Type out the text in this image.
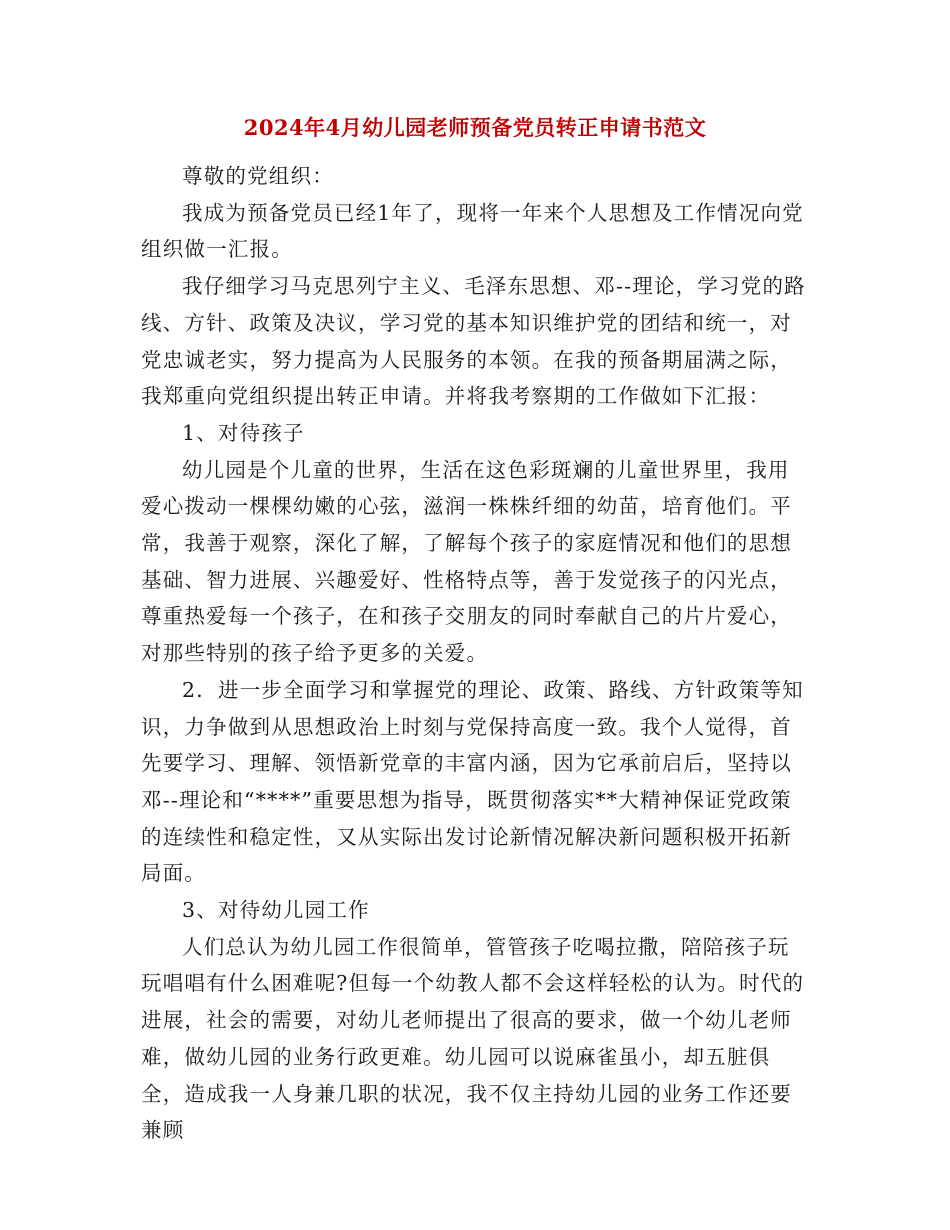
2024年4月幼儿园老师预备党员转正申请书范文

尊敬的党组织：

我成为预备党员已经1年了，现将一年来个人思想及工作情况向党组织做一汇报。

我仔细学习马克思列宁主义、毛泽东思想、邓--理论，学习党的路线、方针、政策及决议，学习党的基本知识维护党的团结和统一，对党忠诚老实，努力提高为人民服务的本领。在我的预备期届满之际，我郑重向党组织提出转正申请。并将我考察期的工作做如下汇报：

1、对待孩子

幼儿园是个儿童的世界，生活在这色彩斑斓的儿童世界里，我用爱心拨动一棵棵幼嫩的心弦，滋润一株株纤细的幼苗，培育他们。平常，我善于观察，深化了解，了解每个孩子的家庭情况和他们的思想基础、智力进展、兴趣爱好、性格特点等，善于发觉孩子的闪光点，尊重热爱每一个孩子，在和孩子交朋友的同时奉献自己的片片爱心，对那些特别的孩子给予更多的关爱。

2．进一步全面学习和掌握党的理论、政策、路线、方针政策等知识，力争做到从思想政治上时刻与党保持高度一致。我个人觉得，首先要学习、理解、领悟新党章的丰富内涵，因为它承前启后，坚持以邓--理论和“****”重要思想为指导，既贯彻落实**大精神保证党政策的连续性和稳定性，又从实际出发讨论新情况解决新问题积极开拓新局面。

3、对待幼儿园工作

人们总认为幼儿园工作很简单，管管孩子吃喝拉撒，陪陪孩子玩玩唱唱有什么困难呢?但每一个幼教人都不会这样轻松的认为。时代的进展，社会的需要，对幼儿老师提出了很高的要求，做一个幼儿老师难，做幼儿园的业务行政更难。幼儿园可以说麻雀虽小，却五脏俱全，造成我一人身兼几职的状况，我不仅主持幼儿园的业务工作还要兼顾
